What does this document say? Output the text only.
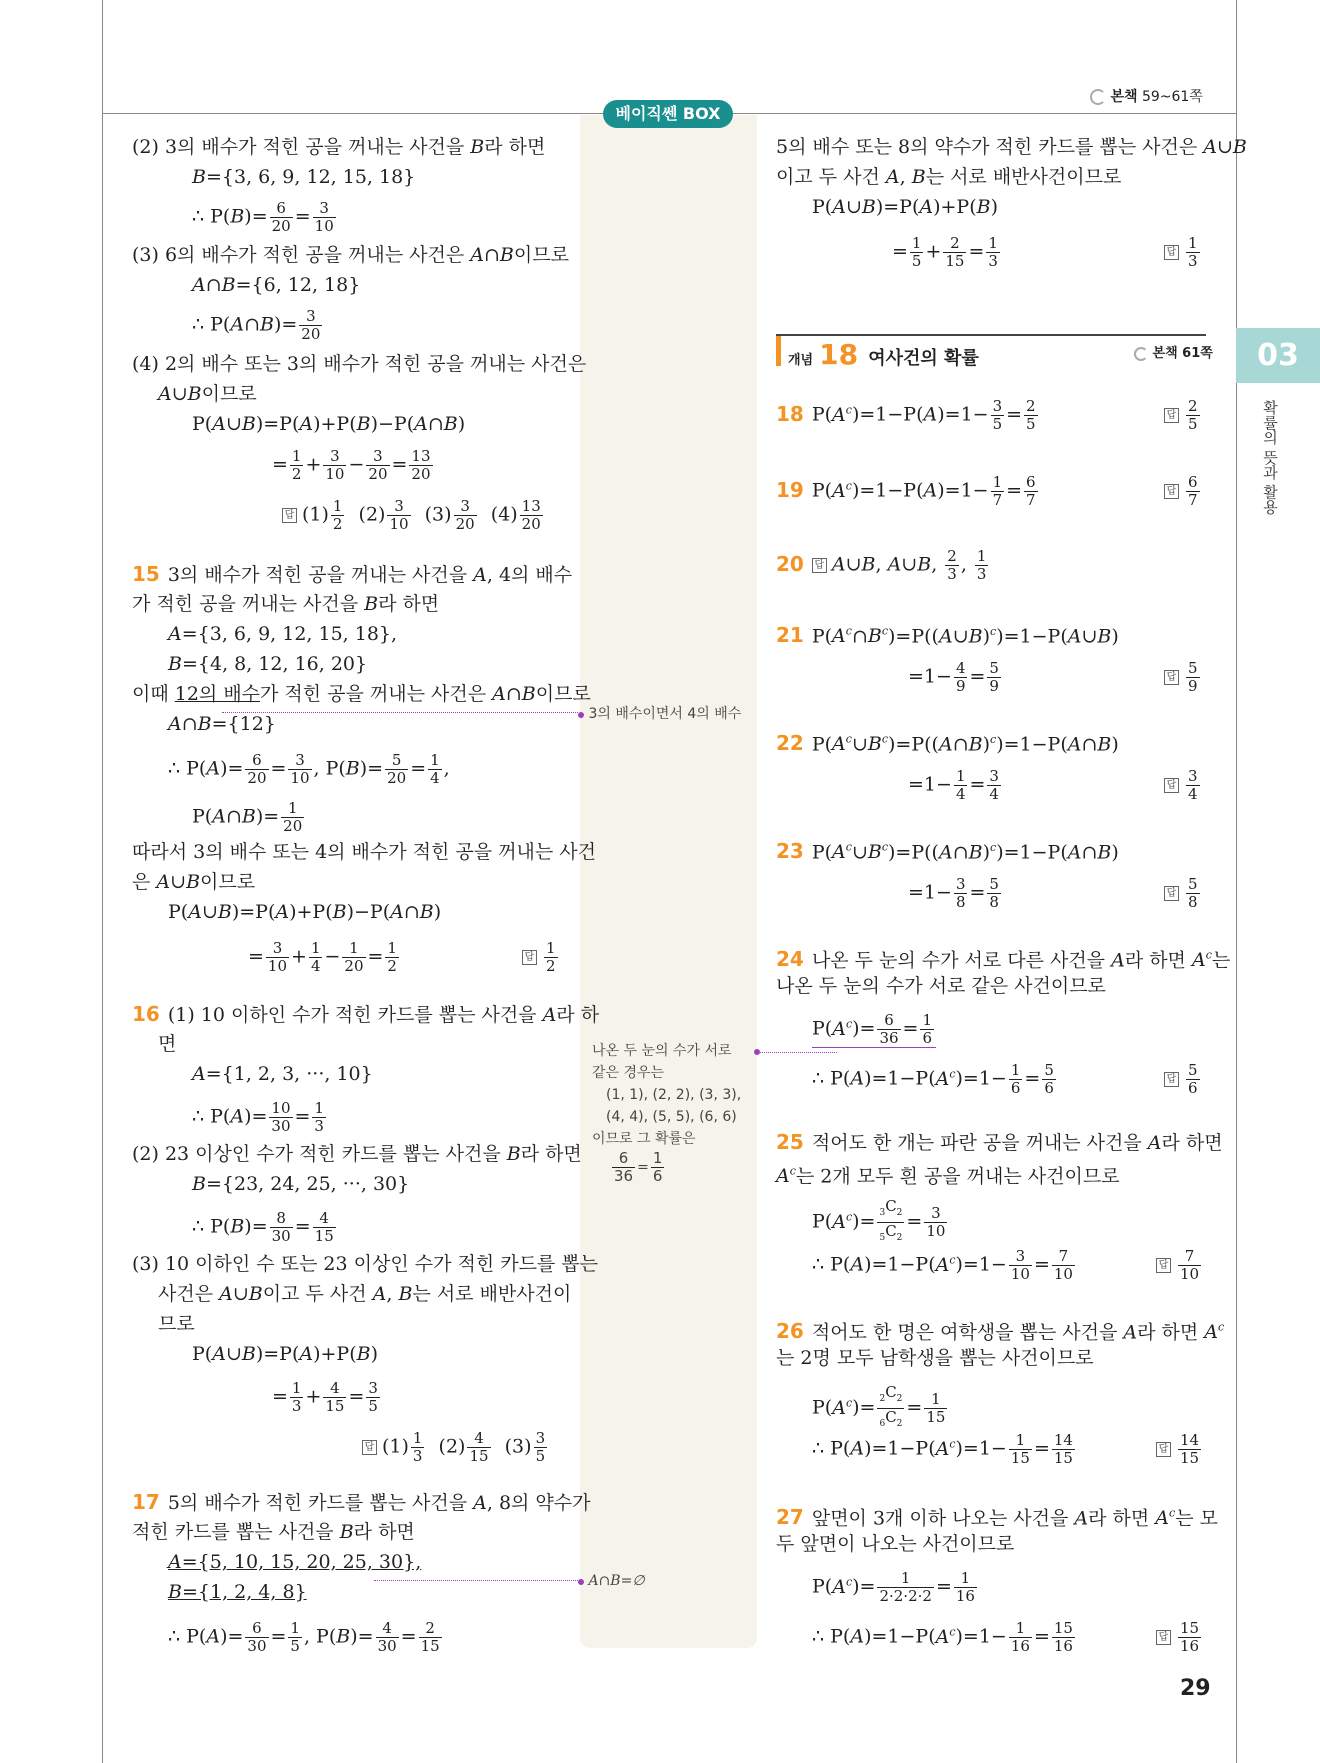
본책 59~61쪽
베이직쎈 BOX
03
확률의 뜻과 활용
(2) 3의 배수가 적힌 공을 꺼내는 사건을 B라 하면
B={3, 6, 9, 12, 15, 18}
∴ $P(B)= \frac{6}{20} = \frac{3}{10}$
(3) 6의 배수가 적힌 공을 꺼내는 사건은 A∩B이므로
A∩B={6, 12, 18}
∴ P(A∩B)= $\frac{3}{20}$
(4) 2의 배수 또는 3의 배수가 적힌 공을 꺼내는 사건은
A∪B이므로
P(A∪B)=P(A)+P(B)−P(A∩B)
= $\frac{1}{2} + \frac{3}{10} - \frac{3}{20} = \frac{13}{20}$
답 $(1) \frac{1}{2} (2) \frac{3}{10} (3) \frac{3}{20} (4) \frac{13}{20}$
15 3의 배수가 적힌 공을 꺼내는 사건을 A, 4의 배수
가 적힌 공을 꺼내는 사건을 B라 하면
A={3, 6, 9, 12, 15, 18},
B={4, 8, 12, 16, 20}
이때 12의 배수가 적힌 공을 꺼내는 사건은 A∩B이므로
A∩B={12}
∴ $P(A)= \frac{6}{20} = \frac{3}{10}$ , $P(B)= \frac{5}{20} = \frac{1}{4}$ ,
P(A∩B)= $\frac{1}{20}$
따라서 3의 배수 또는 4의 배수가 적힌 공을 꺼내는 사건
은 A∪B이므로
P(A∪B)=P(A)+P(B)−P(A∩B)
= $\frac{3}{10} + \frac{1}{4} - \frac{1}{20} = \frac{1}{2}$	답 $\frac{1}{2}$
16 (1) 10 이하인 수가 적힌 카드를 뽑는 사건을 A라 하
면
A={1, 2, 3, ···, 10}
∴ $P(A)= \frac{10}{30} = \frac{1}{3}$
(2) 23 이상인 수가 적힌 카드를 뽑는 사건을 B라 하면
B={23, 24, 25, ···, 30}
∴ $P(B)= \frac{8}{30} = \frac{4}{15}$
(3) 10 이하인 수 또는 23 이상인 수가 적힌 카드를 뽑는
사건은 A∪B이고 두 사건 A, B는 서로 배반사건이
므로
P(A∪B)=P(A)+P(B)
= $\frac{1}{3} + \frac{4}{15} = \frac{3}{5}$
답 $(1) \frac{1}{3} (2) \frac{4}{15} (3) \frac{3}{5}$
17 5의 배수가 적힌 카드를 뽑는 사건을 A, 8의 약수가
적힌 카드를 뽑는 사건을 B라 하면
A={5, 10, 15, 20, 25, 30},
B={1, 2, 4, 8}
∴ $P(A)= \frac{6}{30} = \frac{1}{5}$ , $P(B)= \frac{4}{30} = \frac{2}{15}$
3의 배수이면서 4의 배수
나온 두 눈의 수가 서로
같은 경우는
(1, 1), (2, 2), (3, 3),
(4, 4), (5, 5), (6, 6)
이므로 그 확률은
$\frac{6}{36} = \frac{1}{6}$
A∩B=∅
5의 배수 또는 8의 약수가 적힌 카드를 뽑는 사건은 A∪B
이고 두 사건 A, B는 서로 배반사건이므로
P(A∪B)=P(A)+P(B)
= $\frac{1}{5} + \frac{2}{15} = \frac{1}{3}$	답 $\frac{1}{3}$
개념 18 여사건의 확률	본책 61쪽
18 $P(A^c)=1-P(A)=1- \frac{3}{5} = \frac{2}{5}$	답 $\frac{2}{5}$
19 $P(A^c)=1-P(A)=1- \frac{1}{7} = \frac{6}{7}$	답 $\frac{6}{7}$
20 답 A∪B, A∪B, $\frac{2}{3}$ , $\frac{1}{3}$
21 $P(A^c\cap B^c)=P((A\cup B)^c)=1-P(A\cup B)$
$=1- \frac{4}{9} = \frac{5}{9}$	답 $\frac{5}{9}$
22 $P(A^c\cup B^c)=P((A\cap B)^c)=1-P(A\cap B)$
$=1- \frac{1}{4} = \frac{3}{4}$	답 $\frac{3}{4}$
23 $P(A^c\cup B^c)=P((A\cap B)^c)=1-P(A\cap B)$
$=1- \frac{3}{8} = \frac{5}{8}$	답 $\frac{5}{8}$
24 나온 두 눈의 수가 서로 다른 사건을 A라 하면 $A^c$는
나온 두 눈의 수가 서로 같은 사건이므로
$P(A^c)= \frac{6}{36} = \frac{1}{6}$
∴ $P(A)=1-P(A^c)=1- \frac{1}{6} = \frac{5}{6}$	답 $\frac{5}{6}$
25 적어도 한 개는 파란 공을 꺼내는 사건을 A라 하면
$A^c$는 2개 모두 흰 공을 꺼내는 사건이므로
$P(A^c)= \frac{_3C_2}{_5C_2} = \frac{3}{10}$
∴ $P(A)=1-P(A^c)=1- \frac{3}{10} = \frac{7}{10}$	답 $\frac{7}{10}$
26 적어도 한 명은 여학생을 뽑는 사건을 A라 하면 $A^c$
는 2명 모두 남학생을 뽑는 사건이므로
$P(A^c)= \frac{_2C_2}{_6C_2} = \frac{1}{15}$
∴ $P(A)=1-P(A^c)=1- \frac{1}{15} = \frac{14}{15}$	답 $\frac{14}{15}$
27 앞면이 3개 이하 나오는 사건을 A라 하면 $A^c$는 모
두 앞면이 나오는 사건이므로
$P(A^c)= \frac{1}{2\cdot 2\cdot 2\cdot 2} = \frac{1}{16}$
∴ $P(A)=1-P(A^c)=1- \frac{1}{16} = \frac{15}{16}$	답 $\frac{15}{16}$
29
